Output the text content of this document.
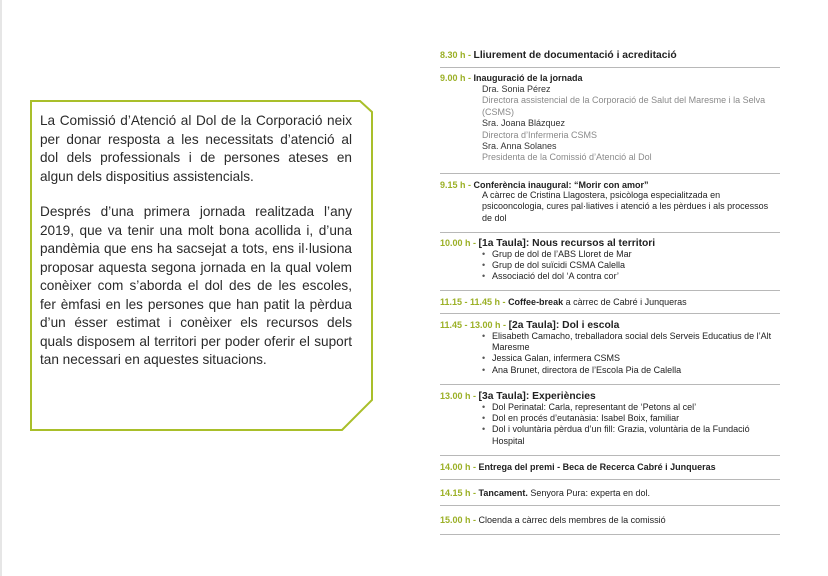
La Comissió d’Atenció al Dol de la Corporació neix per donar resposta a les necessitats d’atenció al dol dels professionals i de persones ateses en algun dels dispositius assistencials.

Després d’una primera jornada realitzada l’any 2019, que va tenir una molt bona acollida i, d’una pandèmia que ens ha sacsejat a tots, ens il·lusiona proposar aquesta segona jornada en la qual volem conèixer com s’aborda el dol des de les escoles, fer èmfasi en les persones que han patit la pèrdua d’un ésser estimat i conèixer els recursos dels quals disposem al territori per poder oferir el suport tan necessari en aquestes situacions.

8.30 h - Lliurement de documentació i acreditació
9.00 h - Inauguració de la jornada
Dra. Sonia Pérez
Directora assistencial de la Corporació de Salut del Maresme i la Selva (CSMS)
Sra. Joana Blázquez
Directora d’Infermeria CSMS
Sra. Anna Solanes
Presidenta de la Comissió d’Atenció al Dol
9.15 h - Conferència inaugural: “Morir con amor”
A càrrec de Cristina Llagostera, psicòloga especialitzada en psicooncologia, cures pal·liatives i atenció a les pèrdues i als processos de dol
10.00 h - [1a Taula]: Nous recursos al territori
• Grup de dol de l’ABS Lloret de Mar
• Grup de dol suïcidi CSMA Calella
• Associació del dol ‘A contra cor’
11.15 - 11.45 h - Coffee-break a càrrec de Cabré i Junqueras
11.45 - 13.00 h - [2a Taula]: Dol i escola
• Elisabeth Camacho, treballadora social dels Serveis Educatius de l’Alt Maresme
• Jessica Galan, infermera CSMS
• Ana Brunet, directora de l’Escola Pia de Calella
13.00 h - [3a Taula]: Experiències
• Dol Perinatal: Carla, representant de ‘Petons al cel’
• Dol en procés d’eutanàsia: Isabel Boix, familiar
• Dol i voluntària pèrdua d’un fill: Grazia, voluntària de la Fundació Hospital
14.00 h - Entrega del premi - Beca de Recerca Cabré i Junqueras
14.15 h - Tancament. Senyora Pura: experta en dol.
15.00 h - Cloenda a càrrec dels membres de la comissió
